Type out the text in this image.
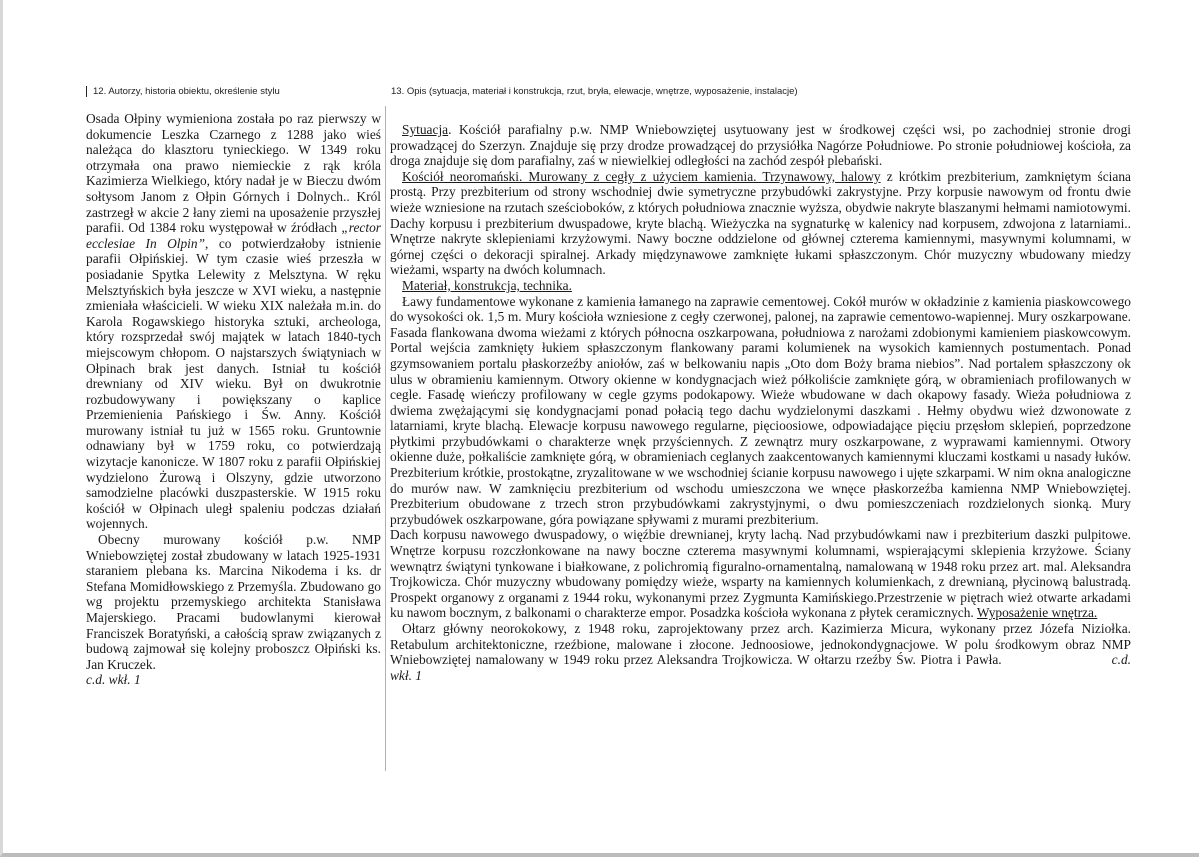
12. Autorzy, historia obiektu, określenie stylu	13. Opis (sytuacja, materiał i konstrukcja, rzut, bryła, elewacje, wnętrze, wyposażenie, instalacje)

Osada Ołpiny wymieniona została po raz pierwszy w dokumencie Leszka Czarnego z 1288 jako wieś należąca do klasztoru tynieckiego. W 1349 roku otrzymała ona prawo niemieckie z rąk króla Kazimierza Wielkiego, który nadał je w Bieczu dwóm sołtysom Janom z Ołpin Górnych i Dolnych.. Król zastrzegł w akcie 2 łany ziemi na uposażenie przyszłej parafii. Od 1384 roku występował w źródłach „rector ecclesiae In Olpin”, co potwierdzałoby istnienie parafii Ołpińskiej. W tym czasie wieś przeszła w posiadanie Spytka Lelewity z Melsztyna. W ręku Melsztyńskich była jeszcze w XVI wieku, a następnie zmieniała właścicieli. W wieku XIX należała m.in. do Karola Rogawskiego historyka sztuki, archeologa, który rozsprzedał swój majątek w latach 1840-tych miejscowym chłopom. O najstarszych świątyniach w Ołpinach brak jest danych. Istniał tu kościół drewniany od XIV wieku. Był on dwukrotnie rozbudowywany i powiększany o kaplice Przemienienia Pańskiego i Św. Anny. Kościół murowany istniał tu już w 1565 roku. Gruntownie odnawiany był w 1759 roku, co potwierdzają wizytacje kanonicze. W 1807 roku z parafii Ołpińskiej wydzielono Żurową i Olszyny, gdzie utworzono samodzielne placówki duszpasterskie. W 1915 roku kościół w Ołpinach uległ spaleniu podczas działań wojennych.

Obecny murowany kościół p.w. NMP Wniebowziętej został zbudowany w latach 1925-1931 staraniem plebana ks. Marcina Nikodema i ks. dr Stefana Momidłowskiego z Przemyśla. Zbudowano go wg projektu przemyskiego architekta Stanisława Majerskiego. Pracami budowlanymi kierował Franciszek Boratyński, a całością spraw związanych z budową zajmował się kolejny proboszcz Ołpiński ks. Jan Kruczek.

c.d. wkł. 1

Sytuacja. Kościół parafialny p.w. NMP Wniebowziętej usytuowany jest w środkowej części wsi, po zachodniej stronie drogi prowadzącej do Szerzyn. Znajduje się przy drodze prowadzącej do przysiółka Nagórze Południowe. Po stronie południowej kościoła, za droga znajduje się dom parafialny, zaś w niewielkiej odległości na zachód zespół plebański.

Kościół neoromański. Murowany z cegły z użyciem kamienia. Trzynawowy, halowy z krótkim prezbiterium, zamkniętym ściana prostą. Przy prezbiterium od strony wschodniej dwie symetryczne przybudówki zakrystyjne. Przy korpusie nawowym od frontu dwie wieże wzniesione na rzutach sześcioboków, z których południowa znacznie wyższa, obydwie nakryte blaszanymi hełmami namiotowymi. Dachy korpusu i prezbiterium dwuspadowe, kryte blachą. Wieżyczka na sygnaturkę w kalenicy nad korpusem, zdwojona z latarniami.. Wnętrze nakryte sklepieniami krzyżowymi. Nawy boczne oddzielone od głównej czterema kamiennymi, masywnymi kolumnami, w górnej części o dekoracji spiralnej. Arkady międzynawowe zamknięte łukami spłaszczonym. Chór muzyczny wbudowany miedzy wieżami, wsparty na dwóch kolumnach.

Materiał, konstrukcja, technika.

Ławy fundamentowe wykonane z kamienia łamanego na zaprawie cementowej. Cokół murów w okładzinie z kamienia piaskowcowego do wysokości ok. 1,5 m. Mury kościoła wzniesione z cegły czerwonej, palonej, na zaprawie cementowo-wapiennej. Mury oszkarpowane. Fasada flankowana dwoma wieżami z których północna oszkarpowana, południowa z narożami zdobionymi kamieniem piaskowcowym. Portal wejścia zamknięty łukiem spłaszczonym flankowany parami kolumienek na wysokich kamiennych postumentach. Ponad gzymsowaniem portalu płaskorzeźby aniołów, zaś w belkowaniu napis „Oto dom Boży brama niebios”. Nad portalem spłaszczony ok ulus w obramieniu kamiennym. Otwory okienne w kondygnacjach wież półkoliście zamknięte górą, w obramieniach profilowanych w cegle. Fasadę wieńczy profilowany w cegle gzyms podokapowy. Wieże wbudowane w dach okapowy fasady. Wieża południowa z dwiema zwężającymi się kondygnacjami ponad połacią tego dachu wydzielonymi daszkami . Hełmy obydwu wież dzwonowate z latarniami, kryte blachą. Elewacje korpusu nawowego regularne, pięcioosiowe, odpowiadające pięciu przęsłom sklepień, poprzedzone płytkimi przybudówkami o charakterze wnęk przyściennych. Z zewnątrz mury oszkarpowane, z wyprawami kamiennymi. Otwory okienne duże, połkaliście zamknięte górą, w obramieniach ceglanych zaakcentowanych kamiennymi kluczami kostkami u nasady łuków. Prezbiterium krótkie, prostokątne, zryzalitowane w we wschodniej ścianie korpusu nawowego i ujęte szkarpami. W nim okna analogiczne do murów naw. W zamknięciu prezbiterium od wschodu umieszczona we wnęce płaskorzeźba kamienna NMP Wniebowziętej. Prezbiterium obudowane z trzech stron przybudówkami zakrystyjnymi, o dwu pomieszczeniach rozdzielonych sionką. Mury przybudówek oszkarpowane, góra powiązane spływami z murami prezbiterium.

Dach korpusu nawowego dwuspadowy, o więźbie drewnianej, kryty lachą. Nad przybudówkami naw i prezbiterium daszki pulpitowe. Wnętrze korpusu rozczłonkowane na nawy boczne czterema masywnymi kolumnami, wspierającymi sklepienia krzyżowe. Ściany wewnątrz świątyni tynkowane i białkowane, z polichromią figuralno-ornamentalną, namalowaną w 1948 roku przez art. mal. Aleksandra Trojkowicza. Chór muzyczny wbudowany pomiędzy wieże, wsparty na kamiennych kolumienkach, z drewnianą, płycinową balustradą. Prospekt organowy z organami z 1944 roku, wykonanymi przez Zygmunta Kamińskiego.Przestrzenie w piętrach wież otwarte arkadami ku nawom bocznym, z balkonami o charakterze empor. Posadzka kościoła wykonana z płytek ceramicznych. Wyposażenie wnętrza.

Ołtarz główny neorokokowy, z 1948 roku, zaprojektowany przez arch. Kazimierza Micura, wykonany przez Józefa Niziołka. Retabulum architektoniczne, rzeźbione, malowane i złocone. Jednoosiowe, jednokondygnacjowe. W polu środkowym obraz NMP Wniebowziętej namalowany w 1949 roku przez Aleksandra Trojkowicza. W ołtarzu rzeźby Św. Piotra i Pawła.	c.d. wkł. 1
